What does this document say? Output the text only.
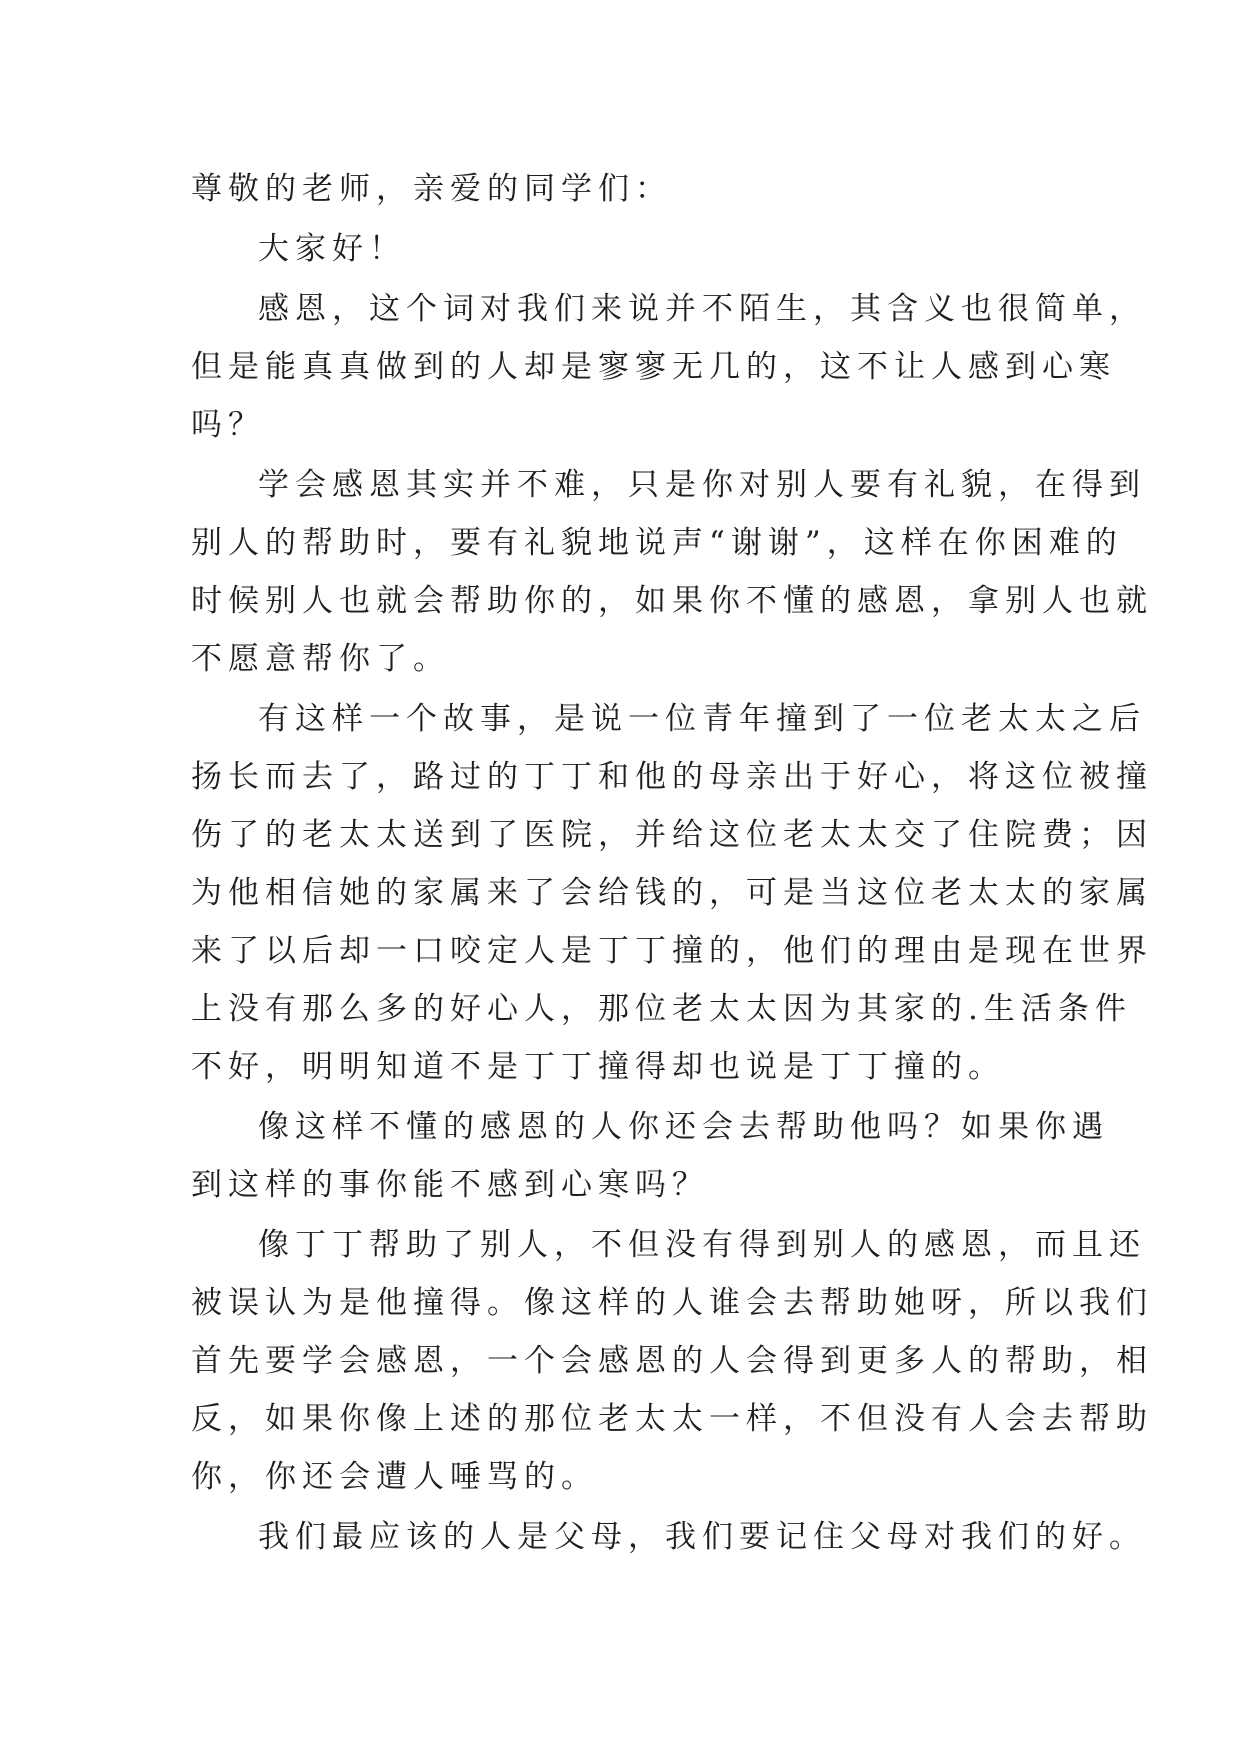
尊敬的老师，亲爱的同学们：

大家好！

感恩，这个词对我们来说并不陌生，其含义也很简单，
但是能真真做到的人却是寥寥无几的，这不让人感到心寒
吗？

学会感恩其实并不难，只是你对别人要有礼貌，在得到
别人的帮助时，要有礼貌地说声“谢谢”，这样在你困难的
时候别人也就会帮助你的，如果你不懂的感恩，拿别人也就
不愿意帮你了。

有这样一个故事，是说一位青年撞到了一位老太太之后
扬长而去了，路过的丁丁和他的母亲出于好心，将这位被撞
伤了的老太太送到了医院，并给这位老太太交了住院费；因
为他相信她的家属来了会给钱的，可是当这位老太太的家属
来了以后却一口咬定人是丁丁撞的，他们的理由是现在世界
上没有那么多的好心人，那位老太太因为其家的.生活条件
不好，明明知道不是丁丁撞得却也说是丁丁撞的。

像这样不懂的感恩的人你还会去帮助他吗？如果你遇
到这样的事你能不感到心寒吗？

像丁丁帮助了别人，不但没有得到别人的感恩，而且还
被误认为是他撞得。像这样的人谁会去帮助她呀，所以我们
首先要学会感恩，一个会感恩的人会得到更多人的帮助，相
反，如果你像上述的那位老太太一样，不但没有人会去帮助
你，你还会遭人唾骂的。

我们最应该的人是父母，我们要记住父母对我们的好。
